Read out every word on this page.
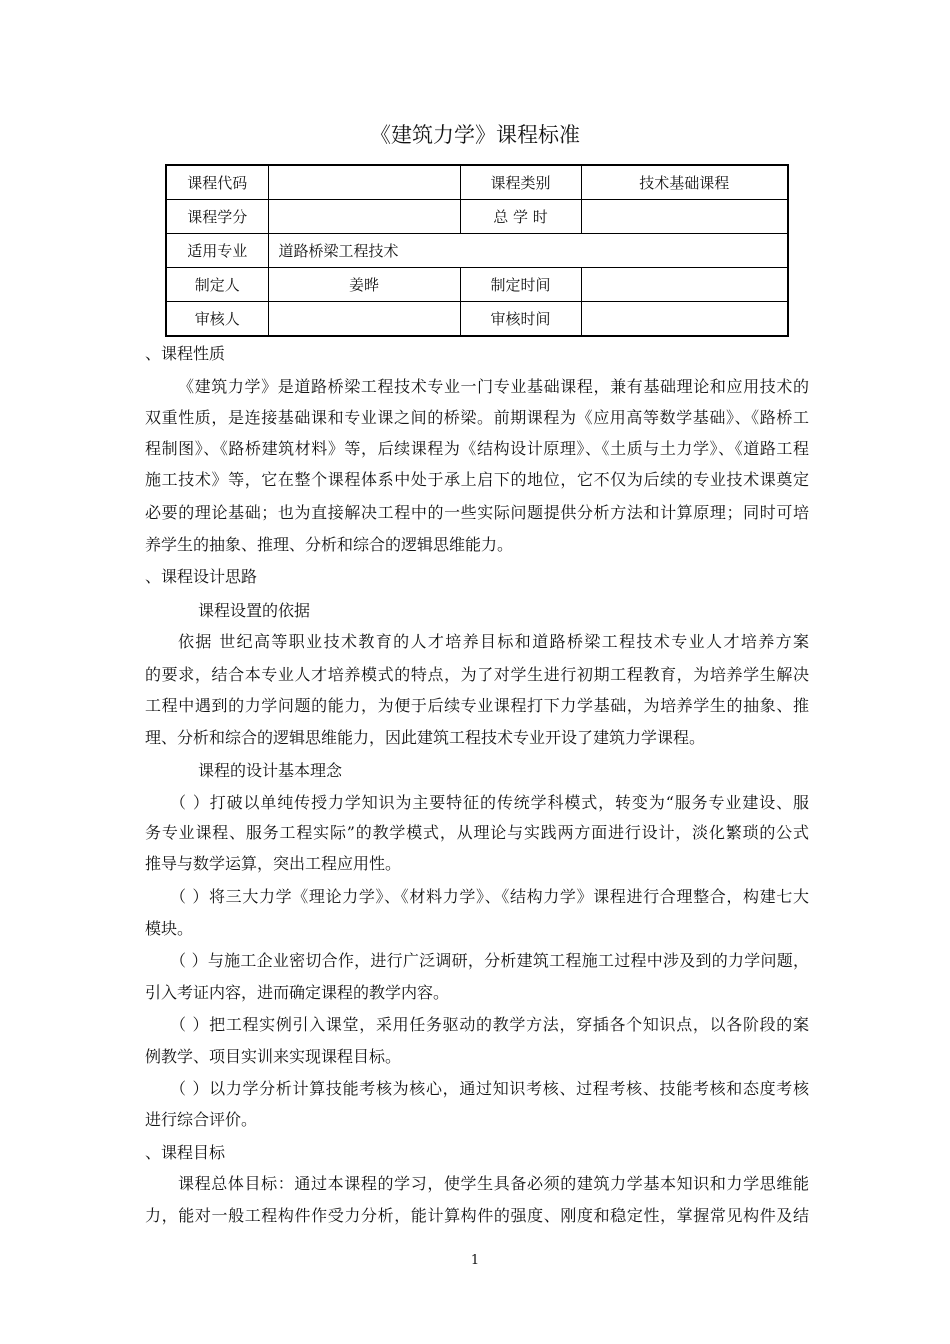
《建筑力学》课程标准
课程代码		课程类别	技术基础课程
课程学分		总 学 时	
适用专业	道路桥梁工程技术		
制定人	姜晔	制定时间	
审核人		审核时间	
、课程性质
《建筑力学》是道路桥梁工程技术专业一门专业基础课程，兼有基础理论和应用技术的
双重性质，是连接基础课和专业课之间的桥梁。前期课程为《应用高等数学基础》、《路桥工
程制图》、《路桥建筑材料》等，后续课程为《结构设计原理》、《土质与土力学》、《道路工程
施工技术》等，它在整个课程体系中处于承上启下的地位，它不仅为后续的专业技术课奠定
必要的理论基础；也为直接解决工程中的一些实际问题提供分析方法和计算原理；同时可培
养学生的抽象、推理、分析和综合的逻辑思维能力。
、课程设计思路
课程设置的依据
依据 世纪高等职业技术教育的人才培养目标和道路桥梁工程技术专业人才培养方案
的要求，结合本专业人才培养模式的特点，为了对学生进行初期工程教育，为培养学生解决
工程中遇到的力学问题的能力，为便于后续专业课程打下力学基础，为培养学生的抽象、推
理、分析和综合的逻辑思维能力，因此建筑工程技术专业开设了建筑力学课程。
课程的设计基本理念
（ ）打破以单纯传授力学知识为主要特征的传统学科模式，转变为“服务专业建设、服
务专业课程、服务工程实际”的教学模式，从理论与实践两方面进行设计，淡化繁琐的公式
推导与数学运算，突出工程应用性。
（ ）将三大力学《理论力学》、《材料力学》、《结构力学》课程进行合理整合，构建七大
模块。
（ ）与施工企业密切合作，进行广泛调研，分析建筑工程施工过程中涉及到的力学问题，
引入考证内容，进而确定课程的教学内容。
（ ）把工程实例引入课堂，采用任务驱动的教学方法，穿插各个知识点，以各阶段的案
例教学、项目实训来实现课程目标。
（ ）以力学分析计算技能考核为核心，通过知识考核、过程考核、技能考核和态度考核
进行综合评价。
、课程目标
课程总体目标：通过本课程的学习，使学生具备必须的建筑力学基本知识和力学思维能
力，能对一般工程构件作受力分析，能计算构件的强度、刚度和稳定性，掌握常见构件及结
1
